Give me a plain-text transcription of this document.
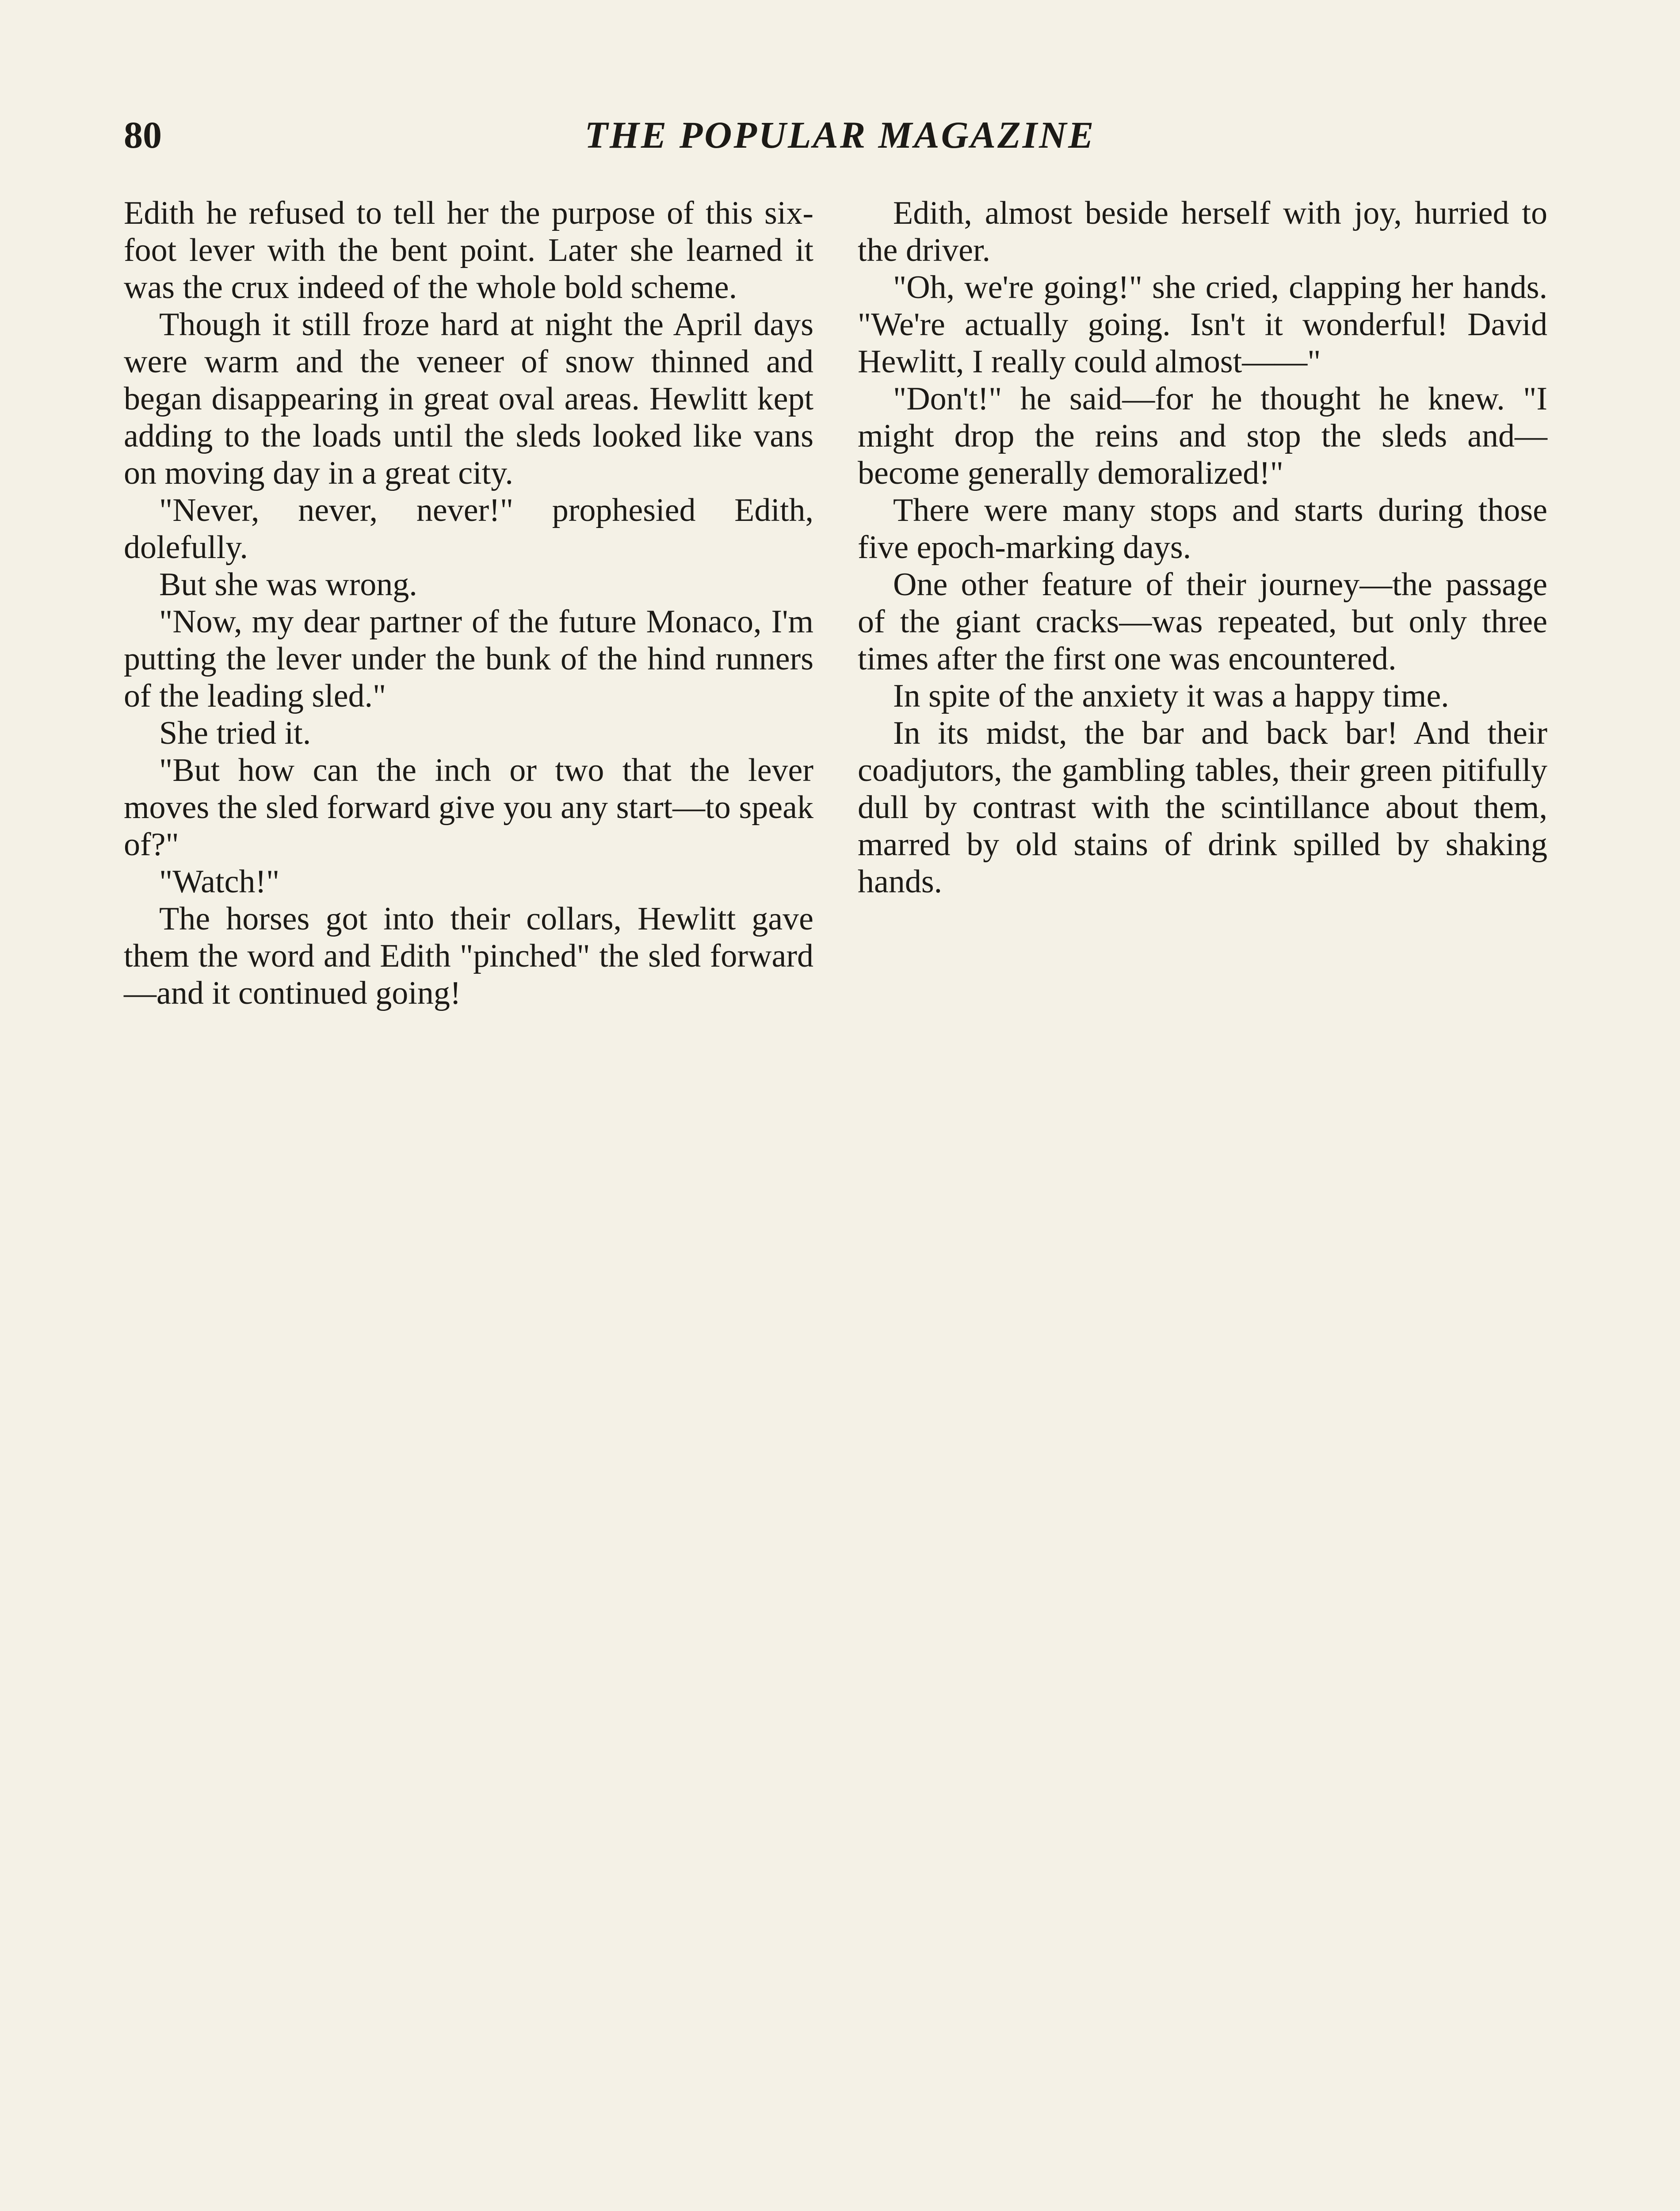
80	THE POPULAR MAGAZINE

Edith he refused to tell her the purpose of this six-foot lever with the bent point. Later she learned it was the crux indeed of the whole bold scheme.

Though it still froze hard at night the April days were warm and the veneer of snow thinned and began disappearing in great oval areas. Hewlitt kept adding to the loads until the sleds looked like vans on moving day in a great city.

"Never, never, never!" prophesied Edith, dolefully.

But she was wrong.

"Now, my dear partner of the future Monaco, I'm putting the lever under the bunk of the hind runners of the leading sled."

She tried it.

"But how can the inch or two that the lever moves the sled forward give you any start—to speak of?"

"Watch!"

The horses got into their collars, Hewlitt gave them the word and Edith "pinched" the sled forward—and it continued going!

Edith, almost beside herself with joy, hurried to the driver.

"Oh, we're going!" she cried, clapping her hands. "We're actually going. Isn't it wonderful! David Hewlitt, I really could almost——"

"Don't!" he said—for he thought he knew. "I might drop the reins and stop the sleds and—become generally demoralized!"

There were many stops and starts during those five epoch-marking days.

One other feature of their journey—the passage of the giant cracks—was repeated, but only three times after the first one was encountered.

In spite of the anxiety it was a happy time.

In its midst, the bar and back bar! And their coadjutors, the gambling tables, their green pitifully dull by contrast with the scintillance about them, marred by old stains of drink spilled by shaking hands.
